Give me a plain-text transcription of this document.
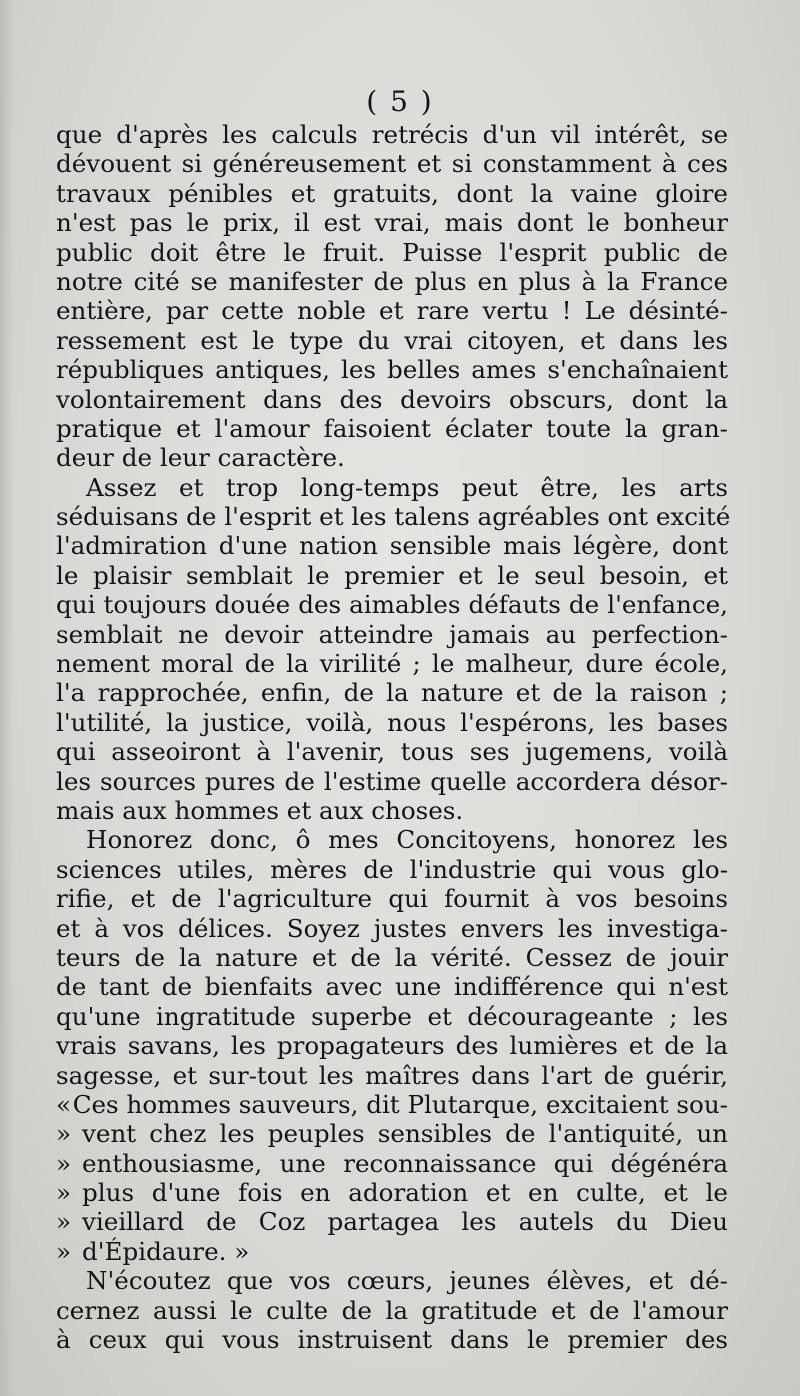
( 5 )
que d'après les calculs retrécis d'un vil intérêt, se
dévouent si généreusement et si constamment à ces
travaux pénibles et gratuits, dont la vaine gloire
n'est pas le prix, il est vrai, mais dont le bonheur
public doit être le fruit. Puisse l'esprit public de
notre cité se manifester de plus en plus à la France
entière, par cette noble et rare vertu ! Le désinté-
ressement est le type du vrai citoyen, et dans les
républiques antiques, les belles ames s'enchaînaient
volontairement dans des devoirs obscurs, dont la
pratique et l'amour faisoient éclater toute la gran-
deur de leur caractère.
Assez et trop long-temps peut être, les arts
séduisans de l'esprit et les talens agréables ont excité
l'admiration d'une nation sensible mais légère, dont
le plaisir semblait le premier et le seul besoin, et
qui toujours douée des aimables défauts de l'enfance,
semblait ne devoir atteindre jamais au perfection-
nement moral de la virilité ; le malheur, dure école,
l'a rapprochée, enfin, de la nature et de la raison ;
l'utilité, la justice, voilà, nous l'espérons, les bases
qui asseoiront à l'avenir, tous ses jugemens, voilà
les sources pures de l'estime quelle accordera désor-
mais aux hommes et aux choses.
Honorez donc, ô mes Concitoyens, honorez les
sciences utiles, mères de l'industrie qui vous glo-
rifie, et de l'agriculture qui fournit à vos besoins
et à vos délices. Soyez justes envers les investiga-
teurs de la nature et de la vérité. Cessez de jouir
de tant de bienfaits avec une indifférence qui n'est
qu'une ingratitude superbe et décourageante ; les
vrais savans, les propagateurs des lumières et de la
sagesse, et sur-tout les maîtres dans l'art de guérir,
« Ces hommes sauveurs, dit Plutarque, excitaient sou-
» vent chez les peuples sensibles de l'antiquité, un
» enthousiasme, une reconnaissance qui dégénéra
» plus d'une fois en adoration et en culte, et le
» vieillard de Coz partagea les autels du Dieu
» d'Épidaure. »
N'écoutez que vos cœurs, jeunes élèves, et dé-
cernez aussi le culte de la gratitude et de l'amour
à ceux qui vous instruisent dans le premier des
